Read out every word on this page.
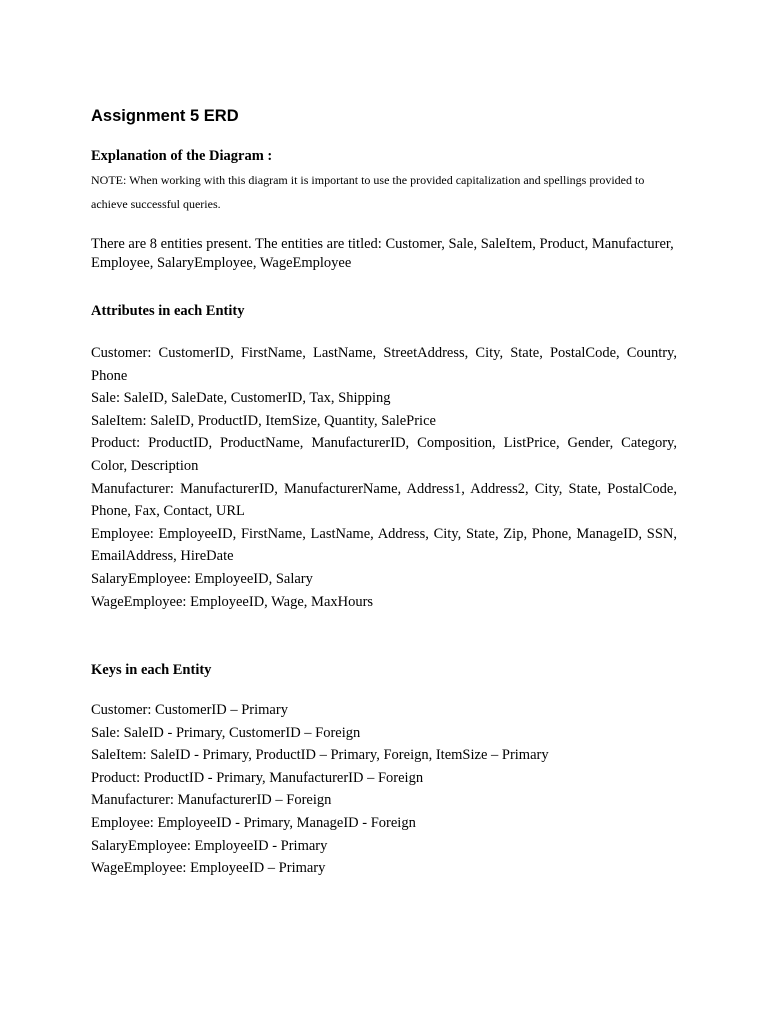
Assignment 5 ERD
Explanation of the Diagram :

NOTE: When working with this diagram it is important to use the provided capitalization and spellings provided to achieve successful queries.

There are 8 entities present. The entities are titled: Customer, Sale, SaleItem, Product, Manufacturer, Employee, SalaryEmployee, WageEmployee

Attributes in each Entity
Customer: CustomerID, FirstName, LastName, StreetAddress, City, State, PostalCode, Country, Phone
Sale: SaleID, SaleDate, CustomerID, Tax, Shipping
SaleItem: SaleID, ProductID, ItemSize, Quantity, SalePrice
Product: ProductID, ProductName, ManufacturerID, Composition, ListPrice, Gender, Category, Color, Description
Manufacturer: ManufacturerID, ManufacturerName, Address1, Address2, City, State, PostalCode, Phone, Fax, Contact, URL
Employee: EmployeeID, FirstName, LastName, Address, City, State, Zip, Phone, ManageID, SSN, EmailAddress, HireDate
SalaryEmployee: EmployeeID, Salary
WageEmployee: EmployeeID, Wage, MaxHours
Keys in each Entity
Customer: CustomerID – Primary
Sale: SaleID - Primary, CustomerID – Foreign
SaleItem: SaleID - Primary, ProductID – Primary, Foreign, ItemSize – Primary
Product: ProductID - Primary, ManufacturerID – Foreign
Manufacturer: ManufacturerID – Foreign
Employee: EmployeeID - Primary, ManageID - Foreign
SalaryEmployee: EmployeeID - Primary
WageEmployee: EmployeeID – Primary
